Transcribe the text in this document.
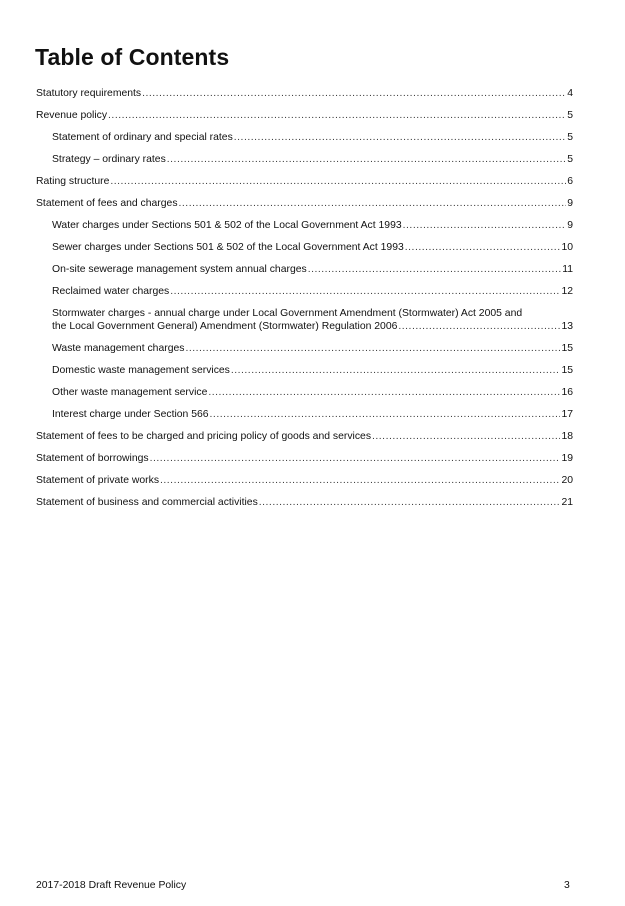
Table of Contents
Statutory requirements .....	4
Revenue policy .....	5
Statement of ordinary and special rates .....	5
Strategy – ordinary rates .....	5
Rating structure .....	6
Statement of fees and charges .....	9
Water charges under Sections 501 & 502 of the Local Government Act 1993 .....	9
Sewer charges under Sections 501 & 502 of the Local Government Act 1993 .....	10
On-site sewerage management system annual charges .....	11
Reclaimed water charges .....	12
Stormwater charges - annual charge under Local Government Amendment (Stormwater) Act 2005 and
the Local Government General) Amendment (Stormwater) Regulation 2006 .....	13
Waste management charges .....	15
Domestic waste management services .....	15
Other waste management service .....	16
Interest charge under Section 566 .....	17
Statement of fees to be charged and pricing policy of goods and services .....	18
Statement of borrowings .....	19
Statement of private works .....	20
Statement of business and commercial activities .....	21
2017-2018 Draft Revenue Policy	3
